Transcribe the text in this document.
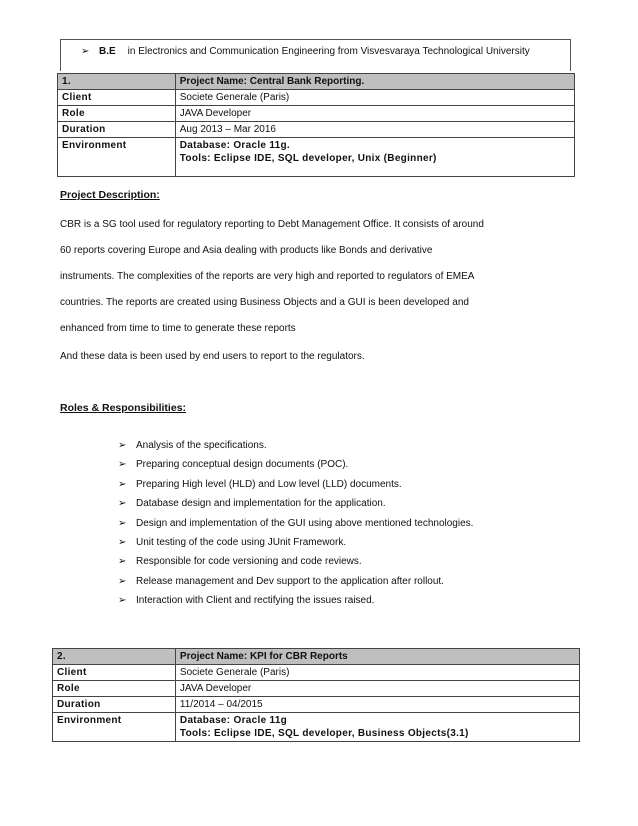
➢ B.E in Electronics and Communication Engineering from Visvesvaraya Technological University
1.	Project Name: Central Bank Reporting.
Client	Societe Generale (Paris)
Role	JAVA Developer
Duration	Aug 2013 – Mar 2016
Environment	Database: Oracle 11g.
Tools: Eclipse IDE, SQL developer, Unix (Beginner)
Project Description:
CBR is a SG tool used for regulatory reporting to Debt Management Office. It consists of around
60 reports covering Europe and Asia dealing with products like Bonds and derivative
instruments. The complexities of the reports are very high and reported to regulators of EMEA
countries. The reports are created using Business Objects and a GUI is been developed and
enhanced from time to time to generate these reports
And these data is been used by end users to report to the regulators.
Roles & Responsibilities:
➢ Analysis of the specifications.
➢ Preparing conceptual design documents (POC).
➢ Preparing High level (HLD) and Low level (LLD) documents.
➢ Database design and implementation for the application.
➢ Design and implementation of the GUI using above mentioned technologies.
➢ Unit testing of the code using JUnit Framework.
➢ Responsible for code versioning and code reviews.
➢ Release management and Dev support to the application after rollout.
➢ Interaction with Client and rectifying the issues raised.
2.	Project Name: KPI for CBR Reports
Client	Societe Generale (Paris)
Role	JAVA Developer
Duration	11/2014 – 04/2015
Environment	Database: Oracle 11g
Tools: Eclipse IDE, SQL developer, Business Objects(3.1)
